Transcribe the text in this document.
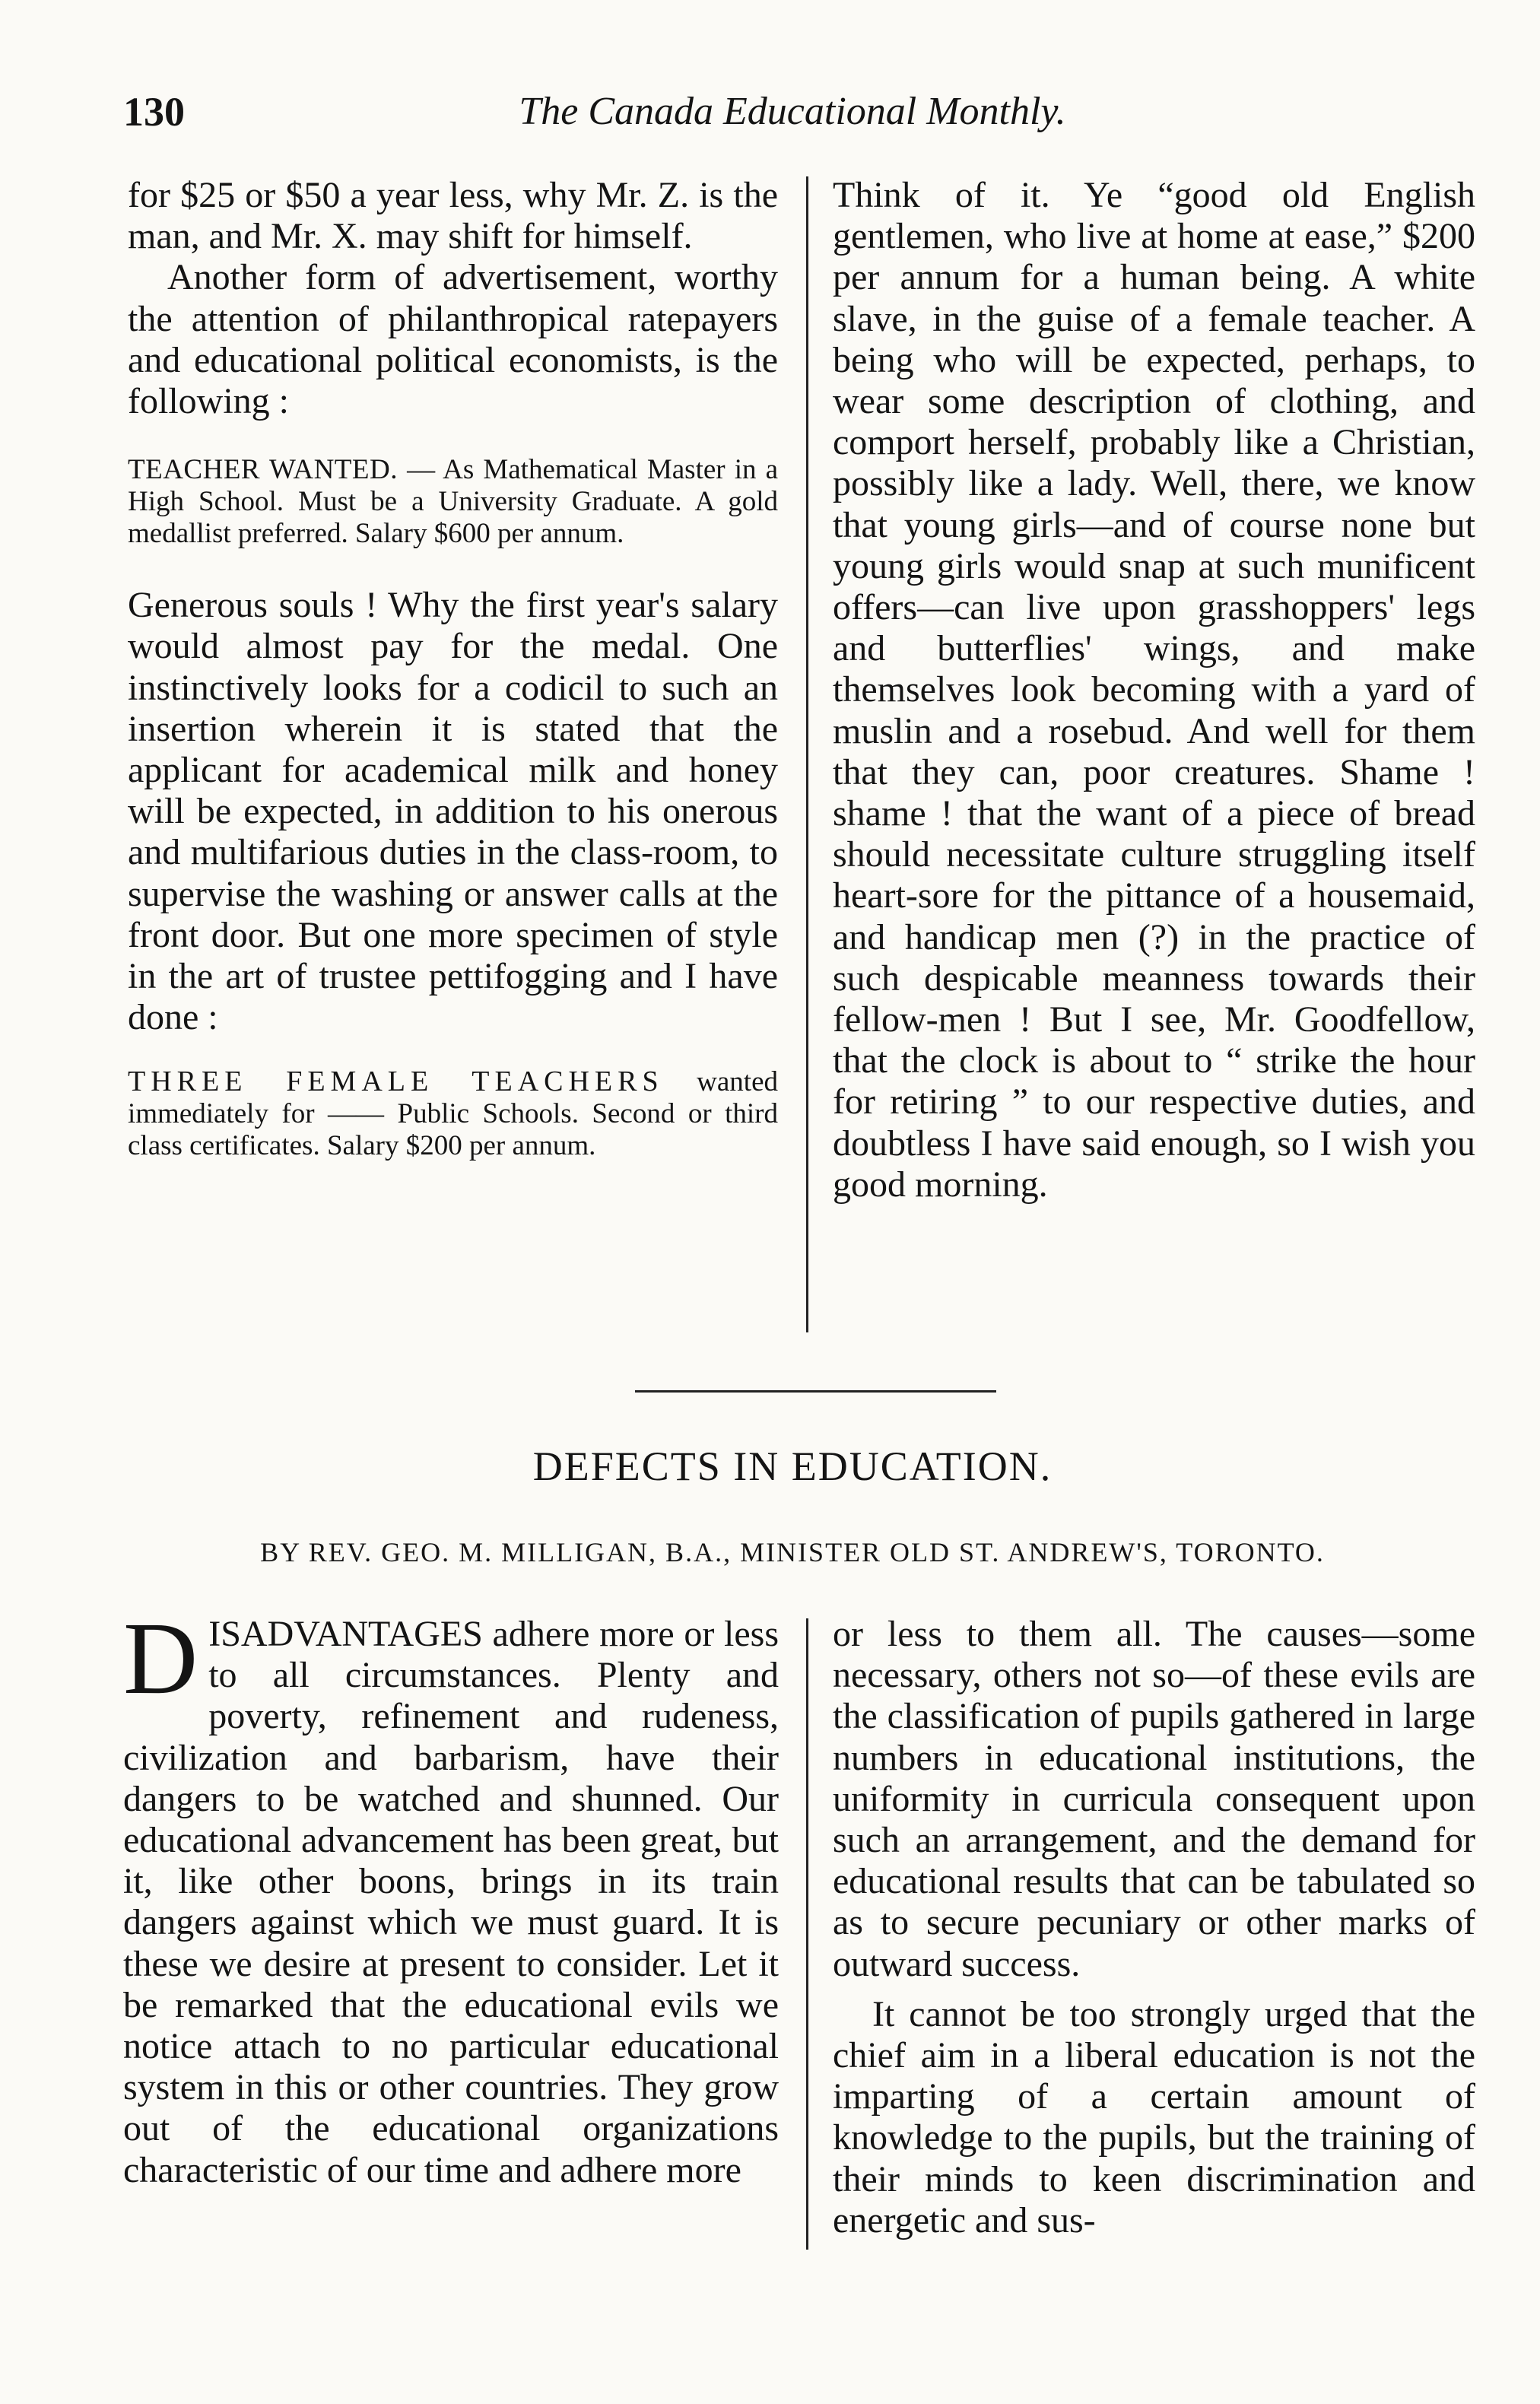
130	The Canada Educational Monthly.

for $25 or $50 a year less, why Mr. Z. is the man, and Mr. X. may shift for himself.

Another form of advertisement, worthy the attention of philanthropical ratepayers and educational political economists, is the following :

TEACHER WANTED. — As Mathematical Master in a High School. Must be a University Graduate. A gold medallist preferred. Salary $600 per annum.

Generous souls ! Why the first year's salary would almost pay for the medal. One instinctively looks for a codicil to such an insertion wherein it is stated that the applicant for academical milk and honey will be expected, in addition to his onerous and multifarious duties in the class-room, to supervise the washing or answer calls at the front door. But one more specimen of style in the art of trustee pettifogging and I have done :

THREE FEMALE TEACHERS wanted immediately for —— Public Schools. Second or third class certificates. Salary $200 per annum.

Think of it. Ye “good old English gentlemen, who live at home at ease,” $200 per annum for a human being. A white slave, in the guise of a female teacher. A being who will be expected, perhaps, to wear some description of clothing, and comport herself, probably like a Christian, possibly like a lady. Well, there, we know that young girls—and of course none but young girls would snap at such munificent offers—can live upon grasshoppers' legs and butterflies' wings, and make themselves look becoming with a yard of muslin and a rosebud. And well for them that they can, poor creatures. Shame ! shame ! that the want of a piece of bread should necessitate culture struggling itself heart-sore for the pittance of a housemaid, and handicap men (?) in the practice of such despicable meanness towards their fellow-men ! But I see, Mr. Goodfellow, that the clock is about to “ strike the hour for retiring ” to our respective duties, and doubtless I have said enough, so I wish you good morning.

DEFECTS IN EDUCATION.
BY REV. GEO. M. MILLIGAN, B.A., MINISTER OLD ST. ANDREW'S, TORONTO.

DISADVANTAGES adhere more or less to all circumstances. Plenty and poverty, refinement and rudeness, civilization and barbarism, have their dangers to be watched and shunned. Our educational advancement has been great, but it, like other boons, brings in its train dangers against which we must guard. It is these we desire at present to consider. Let it be remarked that the educational evils we notice attach to no particular educational system in this or other countries. They grow out of the educational organizations characteristic of our time and adhere more

or less to them all. The causes—some necessary, others not so—of these evils are the classification of pupils gathered in large numbers in educational institutions, the uniformity in curricula consequent upon such an arrangement, and the demand for educational results that can be tabulated so as to secure pecuniary or other marks of outward success.

It cannot be too strongly urged that the chief aim in a liberal education is not the imparting of a certain amount of knowledge to the pupils, but the training of their minds to keen discrimination and energetic and sus-
